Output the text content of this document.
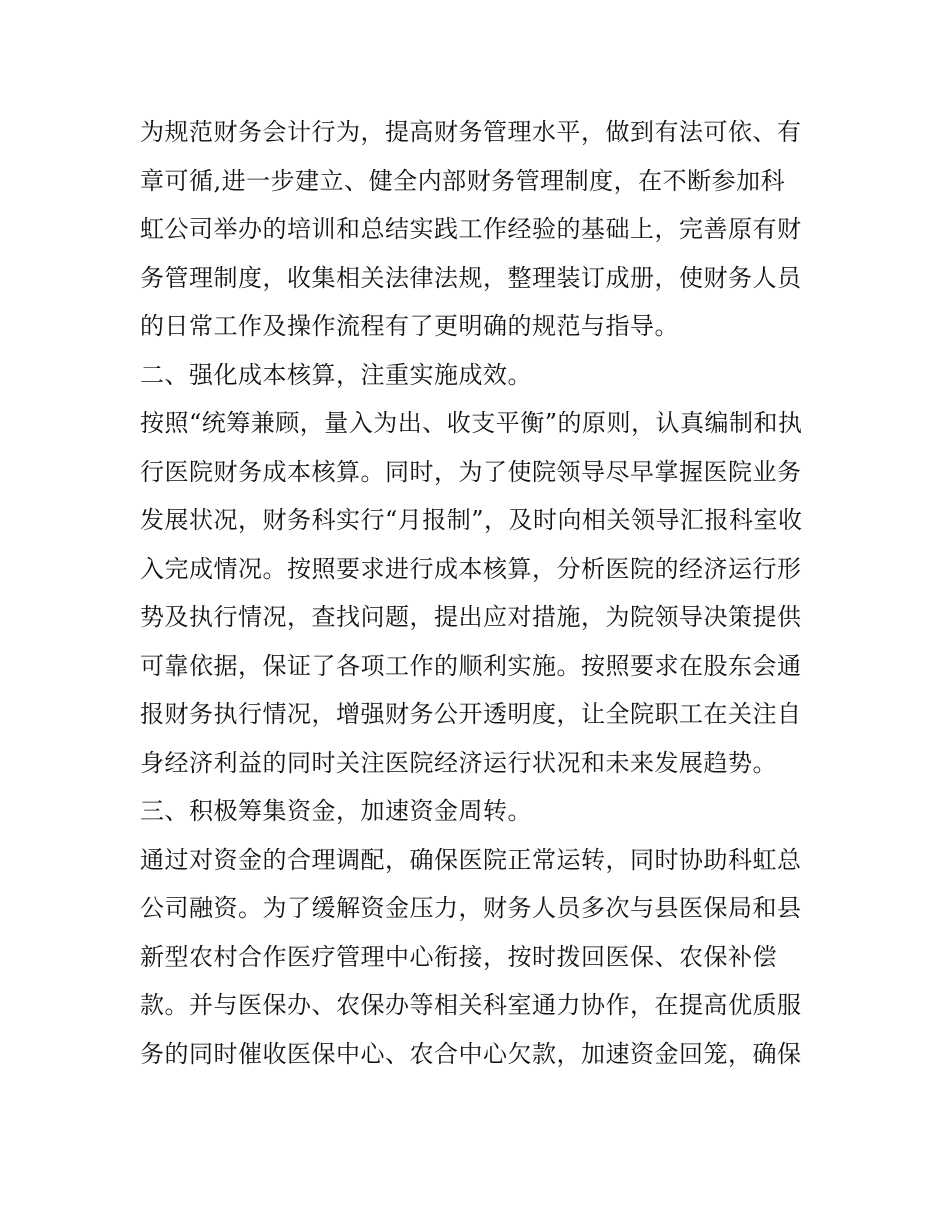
为规范财务会计行为，提高财务管理水平，做到有法可依、有
章可循,进一步建立、健全内部财务管理制度，在不断参加科
虹公司举办的培训和总结实践工作经验的基础上，完善原有财
务管理制度，收集相关法律法规，整理装订成册，使财务人员
的日常工作及操作流程有了更明确的规范与指导。
二、强化成本核算，注重实施成效。
按照“统筹兼顾，量入为出、收支平衡”的原则，认真编制和执
行医院财务成本核算。同时，为了使院领导尽早掌握医院业务
发展状况，财务科实行“月报制”，及时向相关领导汇报科室收
入完成情况。按照要求进行成本核算，分析医院的经济运行形
势及执行情况，查找问题，提出应对措施，为院领导决策提供
可靠依据，保证了各项工作的顺利实施。按照要求在股东会通
报财务执行情况，增强财务公开透明度，让全院职工在关注自
身经济利益的同时关注医院经济运行状况和未来发展趋势。
三、积极筹集资金，加速资金周转。
通过对资金的合理调配，确保医院正常运转，同时协助科虹总
公司融资。为了缓解资金压力，财务人员多次与县医保局和县
新型农村合作医疗管理中心衔接，按时拨回医保、农保补偿
款。并与医保办、农保办等相关科室通力协作，在提高优质服
务的同时催收医保中心、农合中心欠款，加速资金回笼，确保
